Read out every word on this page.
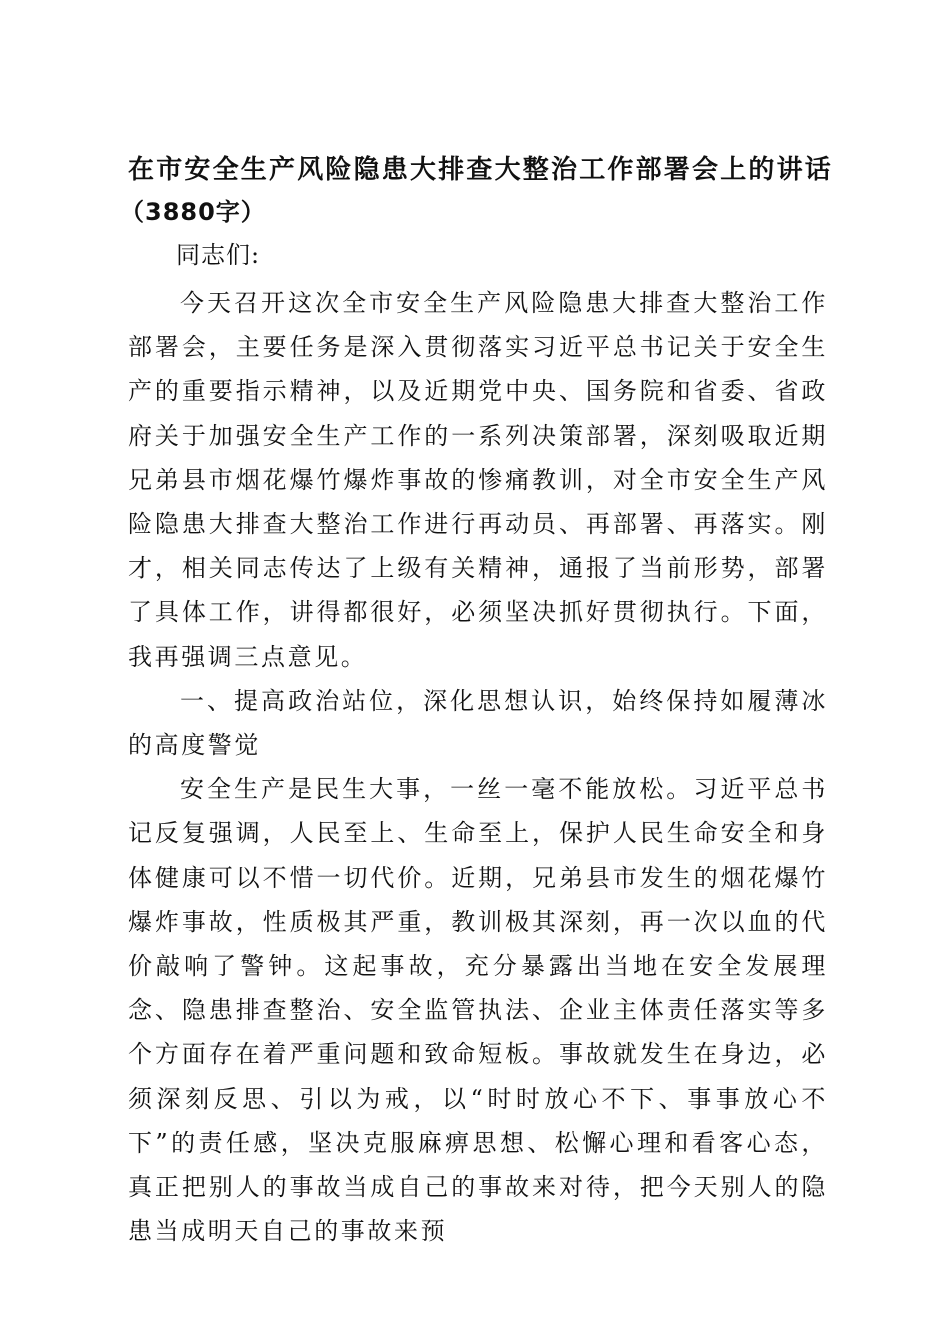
在市安全生产风险隐患大排查大整治工作部署会上的讲话
（3880字）

同志们:

今天召开这次全市安全生产风险隐患大排查大整治工作部署会，主要任务是深入贯彻落实习近平总书记关于安全生产的重要指示精神，以及近期党中央、国务院和省委、省政府关于加强安全生产工作的一系列决策部署，深刻吸取近期兄弟县市烟花爆竹爆炸事故的惨痛教训，对全市安全生产风险隐患大排查大整治工作进行再动员、再部署、再落实。刚才，相关同志传达了上级有关精神，通报了当前形势，部署了具体工作，讲得都很好，必须坚决抓好贯彻执行。下面，我再强调三点意见。

一、提高政治站位，深化思想认识，始终保持如履薄冰的高度警觉

安全生产是民生大事，一丝一毫不能放松。习近平总书记反复强调，人民至上、生命至上，保护人民生命安全和身体健康可以不惜一切代价。近期，兄弟县市发生的烟花爆竹爆炸事故，性质极其严重，教训极其深刻，再一次以血的代价敲响了警钟。这起事故，充分暴露出当地在安全发展理念、隐患排查整治、安全监管执法、企业主体责任落实等多个方面存在着严重问题和致命短板。事故就发生在身边，必须深刻反思、引以为戒，以“时时放心不下、事事放心不下”的责任感，坚决克服麻痹思想、松懈心理和看客心态，真正把别人的事故当成自己的事故来对待，把今天别人的隐患当成明天自己的事故来预
